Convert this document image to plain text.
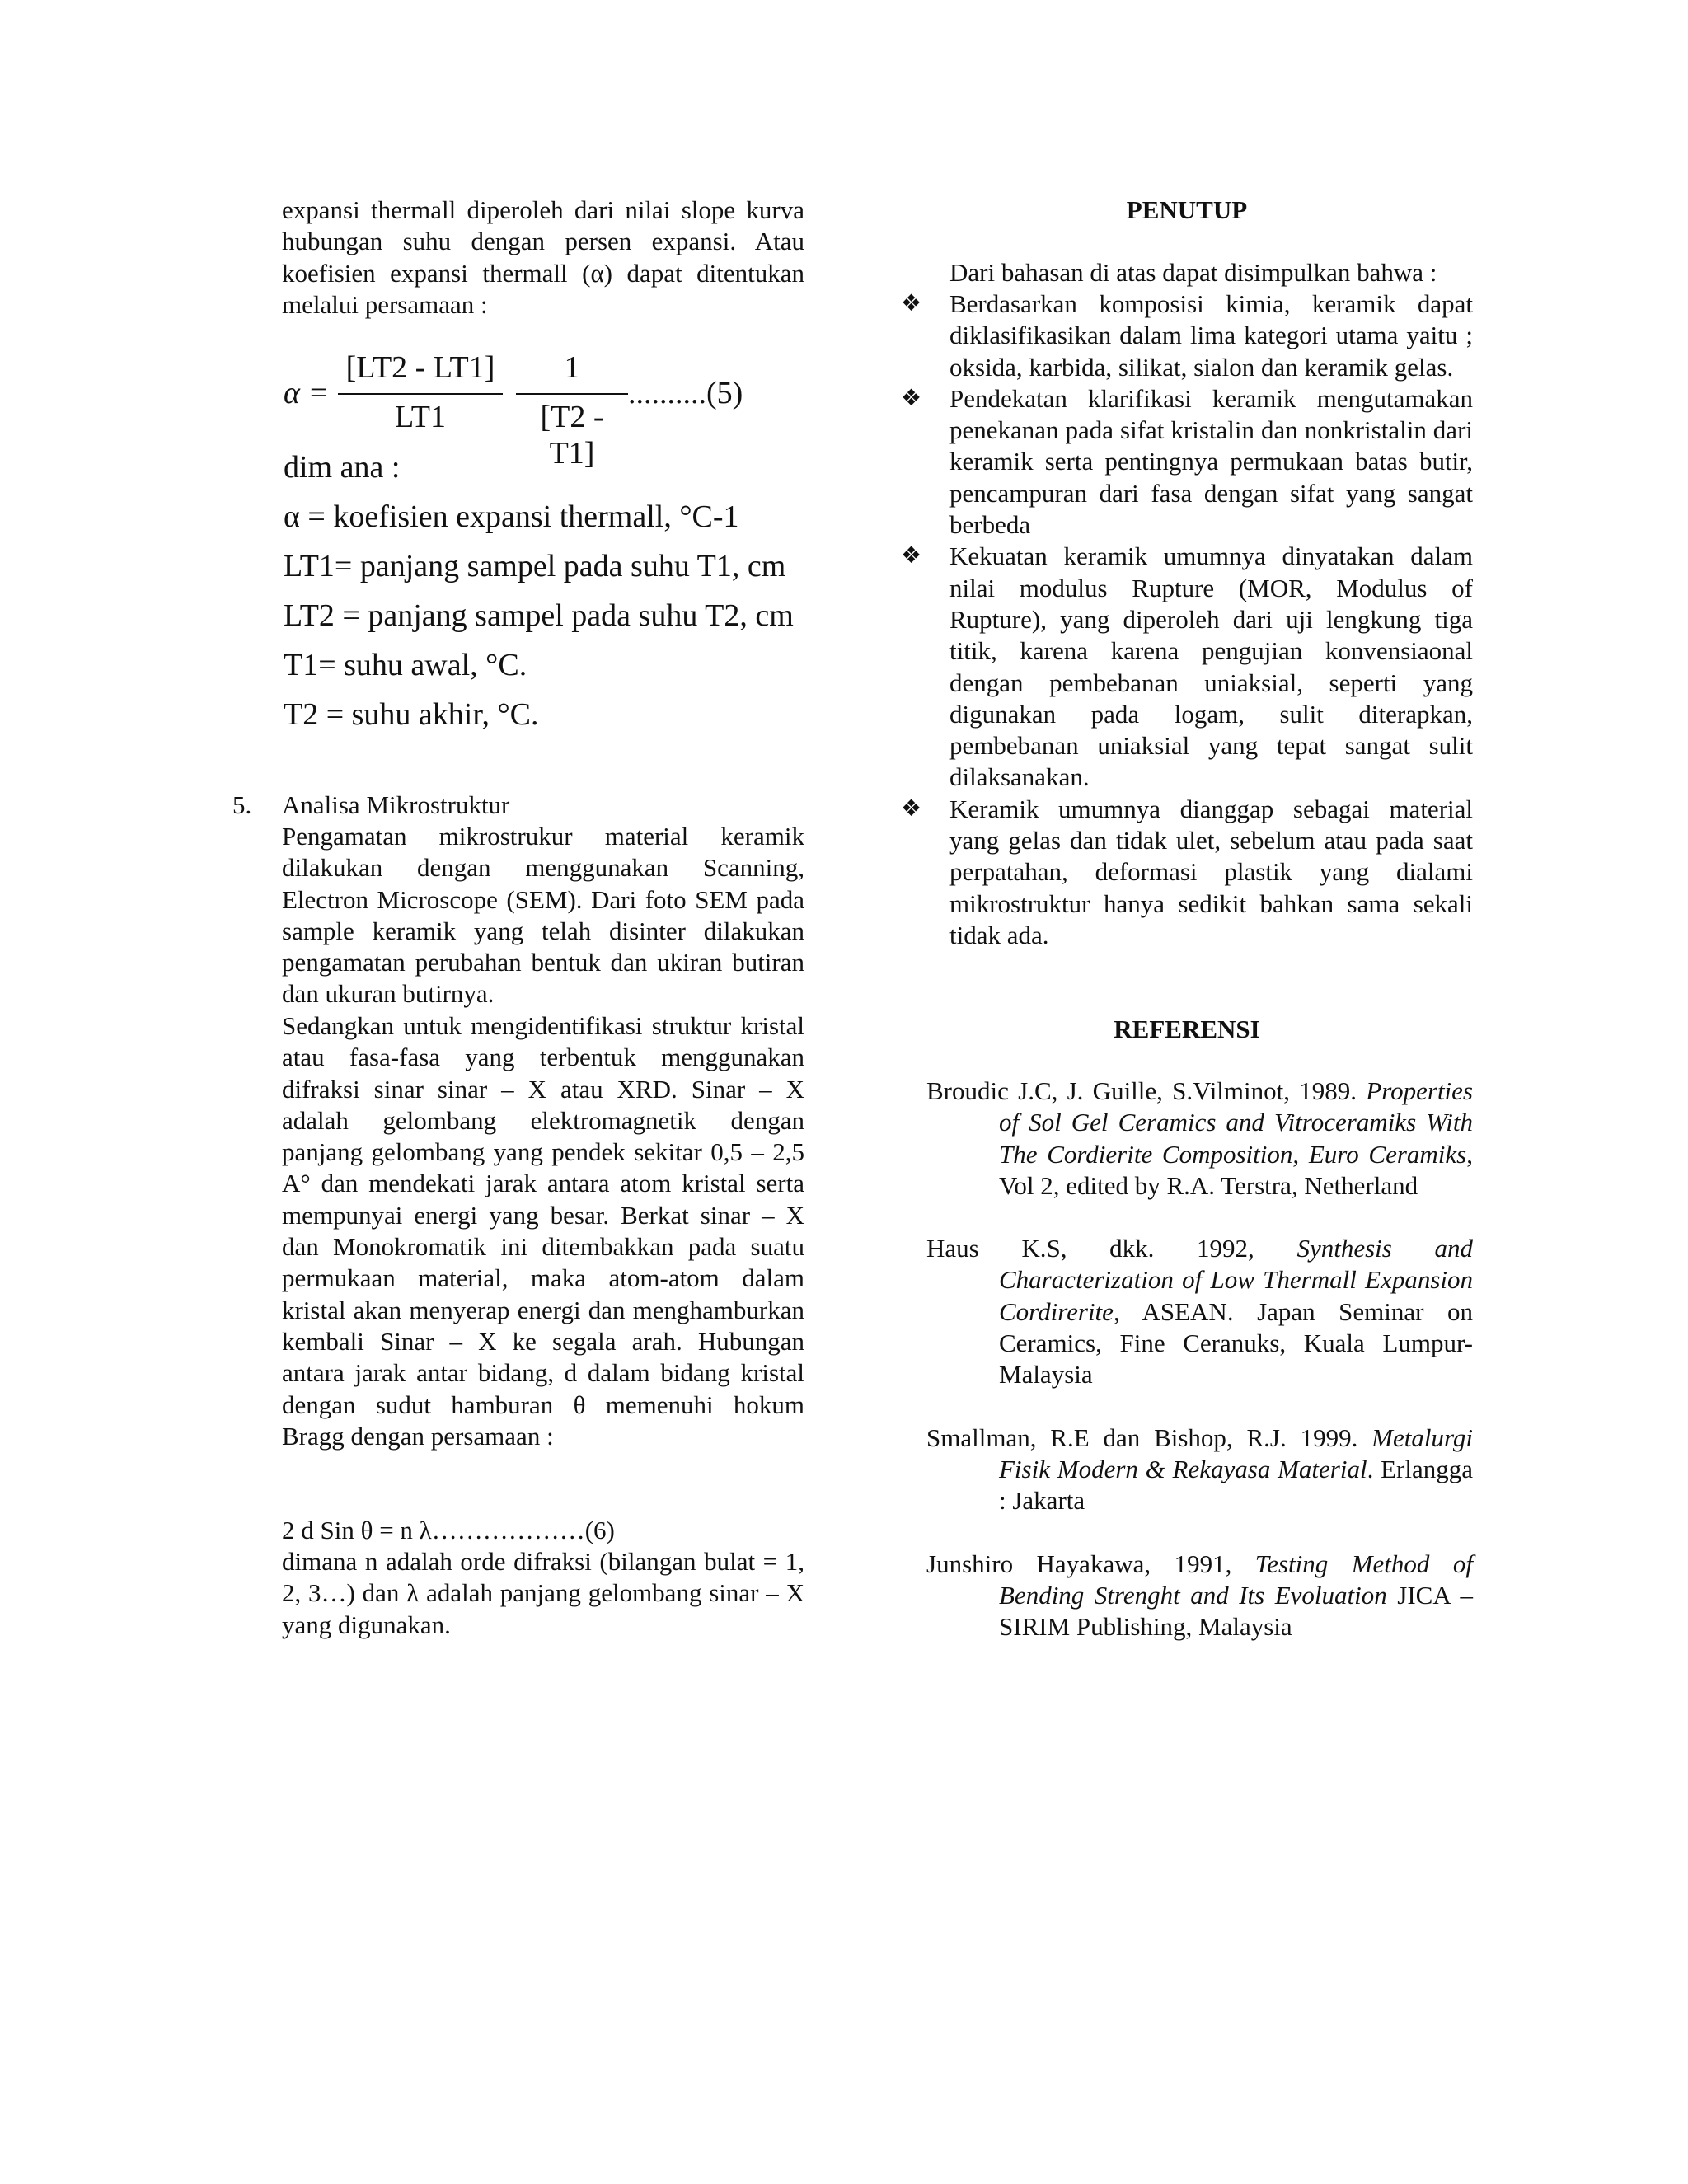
expansi thermall diperoleh dari nilai slope kurva hubungan suhu dengan persen expansi. Atau koefisien expansi thermall (α) dapat ditentukan melalui persamaan :
α =
[LT2 - LT1]
LT1
1
[T2 - T1]
..........(5)
dim ana :
α = koefisien expansi thermall, °C-1
LT1= panjang sampel pada suhu T1, cm
LT2 = panjang sampel pada suhu T2, cm
T1= suhu awal, °C.
T2 = suhu akhir, °C.
5. Analisa Mikrostruktur
Pengamatan mikrostrukur material keramik dilakukan dengan menggunakan Scanning, Electron Microscope (SEM). Dari foto SEM pada sample keramik yang telah disinter dilakukan pengamatan perubahan bentuk dan ukiran butiran dan ukuran butirnya.
Sedangkan untuk mengidentifikasi struktur kristal atau fasa-fasa yang terbentuk menggunakan difraksi sinar sinar – X atau XRD. Sinar – X adalah gelombang elektromagnetik dengan panjang gelombang yang pendek sekitar 0,5 – 2,5 A° dan mendekati jarak antara atom kristal serta mempunyai energi yang besar. Berkat sinar – X dan Monokromatik ini ditembakkan pada suatu permukaan material, maka atom-atom dalam kristal akan menyerap energi dan menghamburkan kembali Sinar – X ke segala arah. Hubungan antara jarak antar bidang, d dalam bidang kristal dengan sudut hamburan θ memenuhi hokum Bragg dengan persamaan :
2 d Sin θ = n λ………………(6)
dimana n adalah orde difraksi (bilangan bulat = 1, 2, 3…) dan λ adalah panjang gelombang sinar – X yang digunakan.
PENUTUP
Dari bahasan di atas dapat disimpulkan bahwa :
❖ Berdasarkan komposisi kimia, keramik dapat diklasifikasikan dalam lima kategori utama yaitu ; oksida, karbida, silikat, sialon dan keramik gelas.
❖ Pendekatan klarifikasi keramik mengutamakan penekanan pada sifat kristalin dan nonkristalin dari keramik serta pentingnya permukaan batas butir, pencampuran dari fasa dengan sifat yang sangat berbeda
❖ Kekuatan keramik umumnya dinyatakan dalam nilai modulus Rupture (MOR, Modulus of Rupture), yang diperoleh dari uji lengkung tiga titik, karena karena pengujian konvensiaonal dengan pembebanan uniaksial, seperti yang digunakan pada logam, sulit diterapkan, pembebanan uniaksial yang tepat sangat sulit dilaksanakan.
❖ Keramik umumnya dianggap sebagai material yang gelas dan tidak ulet, sebelum atau pada saat perpatahan, deformasi plastik yang dialami mikrostruktur hanya sedikit bahkan sama sekali tidak ada.
REFERENSI
Broudic J.C, J. Guille, S.Vilminot, 1989. Properties of Sol Gel Ceramics and Vitroceramiks With The Cordierite Composition, Euro Ceramiks, Vol 2, edited by R.A. Terstra, Netherland
Haus K.S, dkk. 1992, Synthesis and Characterization of Low Thermall Expansion Cordirerite, ASEAN. Japan Seminar on Ceramics, Fine Ceranuks, Kuala Lumpur- Malaysia
Smallman, R.E dan Bishop, R.J. 1999. Metalurgi Fisik Modern & Rekayasa Material. Erlangga : Jakarta
Junshiro Hayakawa, 1991, Testing Method of Bending Strenght and Its Evoluation JICA – SIRIM Publishing, Malaysia
